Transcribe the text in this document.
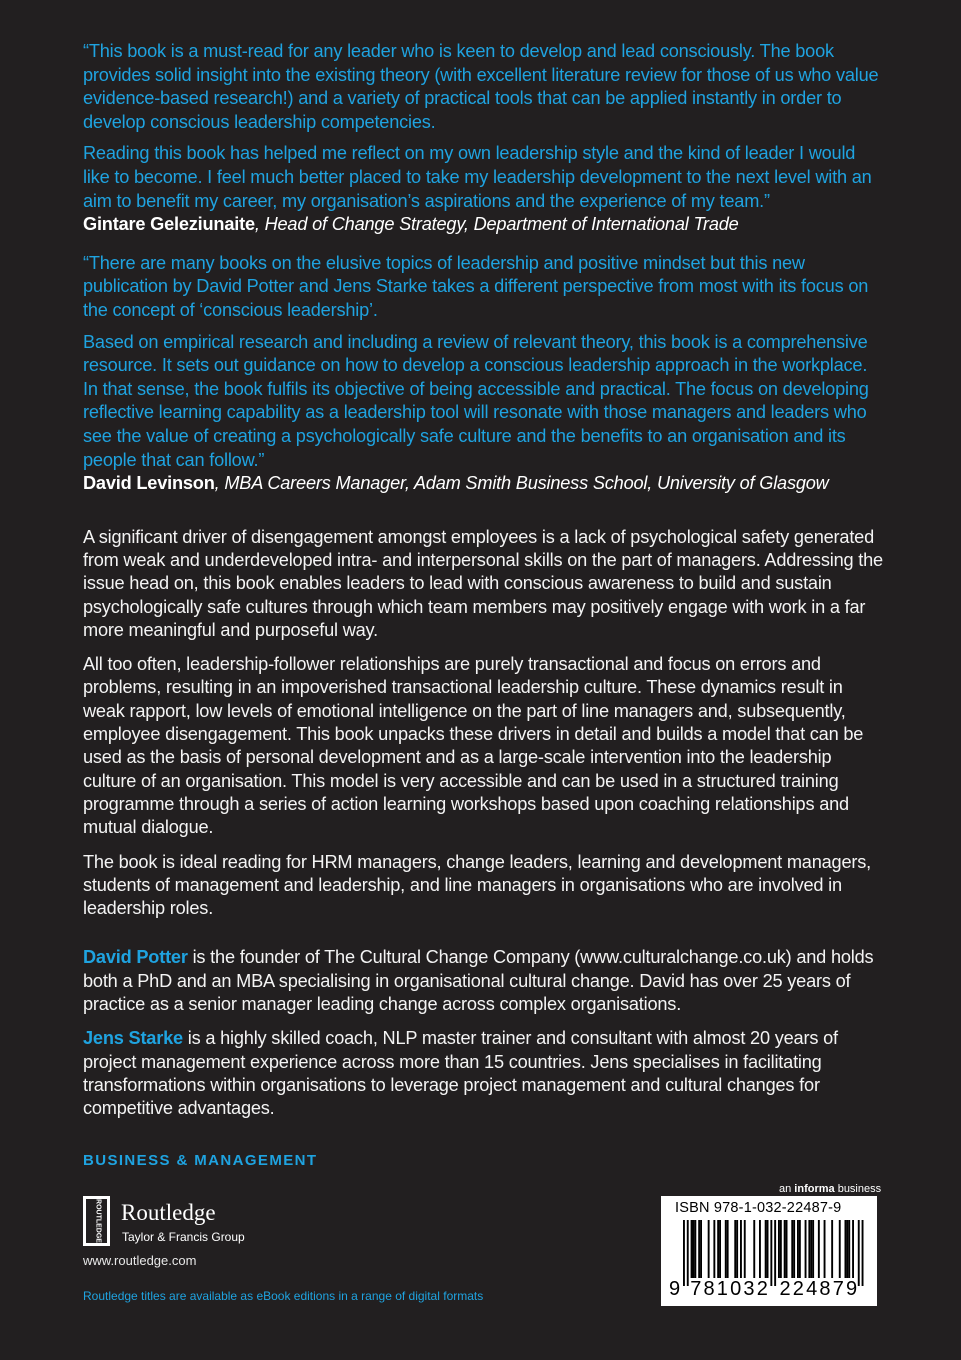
“This book is a must-read for any leader who is keen to develop and lead consciously. The book provides solid insight into the existing theory (with excellent literature review for those of us who value evidence-based research!) and a variety of practical tools that can be applied instantly in order to develop conscious leadership competencies.

Reading this book has helped me reflect on my own leadership style and the kind of leader I would like to become. I feel much better placed to take my leadership development to the next level with an aim to benefit my career, my organisation’s aspirations and the experience of my team.”

Gintare Geleziunaite, Head of Change Strategy, Department of International Trade

“There are many books on the elusive topics of leadership and positive mindset but this new publication by David Potter and Jens Starke takes a different perspective from most with its focus on the concept of ‘conscious leadership’.

Based on empirical research and including a review of relevant theory, this book is a comprehensive resource. It sets out guidance on how to develop a conscious leadership approach in the workplace. In that sense, the book fulfils its objective of being accessible and practical. The focus on developing reflective learning capability as a leadership tool will resonate with those managers and leaders who see the value of creating a psychologically safe culture and the benefits to an organisation and its people that can follow.”

David Levinson, MBA Careers Manager, Adam Smith Business School, University of Glasgow

A significant driver of disengagement amongst employees is a lack of psychological safety generated from weak and underdeveloped intra- and interpersonal skills on the part of managers. Addressing the issue head on, this book enables leaders to lead with conscious awareness to build and sustain psychologically safe cultures through which team members may positively engage with work in a far more meaningful and purposeful way.

All too often, leadership-follower relationships are purely transactional and focus on errors and problems, resulting in an impoverished transactional leadership culture. These dynamics result in weak rapport, low levels of emotional intelligence on the part of line managers and, subsequently, employee disengagement. This book unpacks these drivers in detail and builds a model that can be used as the basis of personal development and as a large-scale intervention into the leadership culture of an organisation. This model is very accessible and can be used in a structured training programme through a series of action learning workshops based upon coaching relationships and mutual dialogue.

The book is ideal reading for HRM managers, change leaders, learning and development managers, students of management and leadership, and line managers in organisations who are involved in leadership roles.

David Potter is the founder of The Cultural Change Company (www.culturalchange.co.uk) and holds both a PhD and an MBA specialising in organisational cultural change. David has over 25 years of practice as a senior manager leading change across complex organisations.

Jens Starke is a highly skilled coach, NLP master trainer and consultant with almost 20 years of project management experience across more than 15 countries. Jens specialises in facilitating transformations within organisations to leverage project management and cultural changes for competitive advantages.

BUSINESS & MANAGEMENT
ROUTLEDGE Routledge
Taylor & Francis Group
www.routledge.com
Routledge titles are available as eBook editions in a range of digital formats
an informa business
ISBN 978-1-032-22487-9
9 7 8 1 0 3 2 2 2 4 8 7 9
